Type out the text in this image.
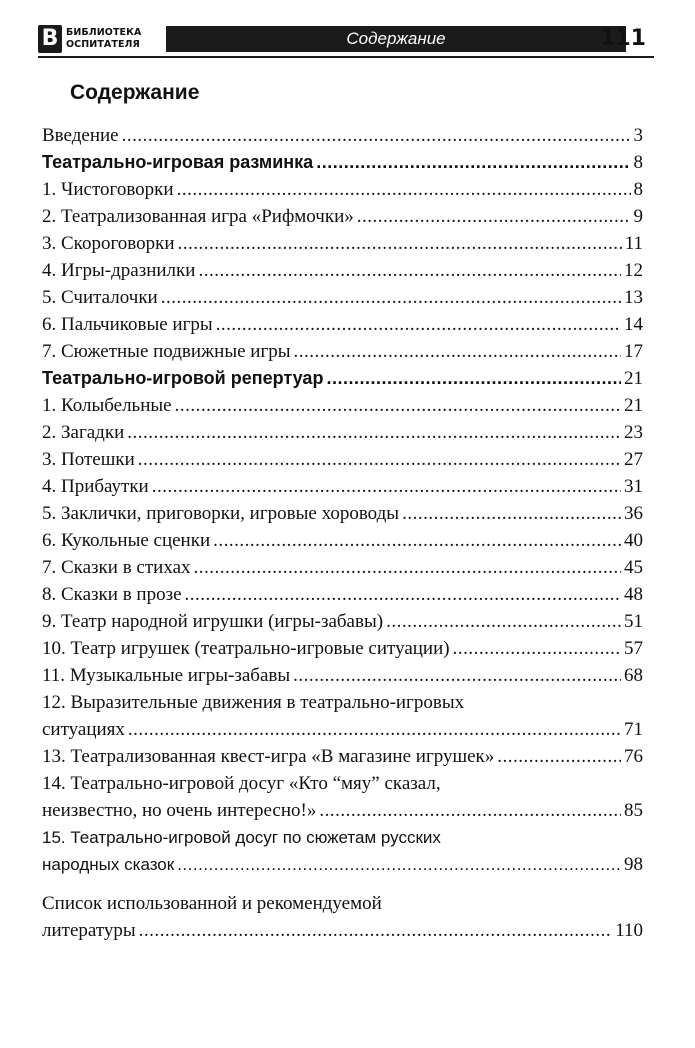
В БИБЛИОТЕКА
ОСПИТАТЕЛЯ	Содержание	111
Содержание
Введение .....	3
Театрально-игровая разминка .....	8
1. Чистоговорки .....	8
2. Театрализованная игра «Рифмочки» .....	9
3. Скороговорки .....	11
4. Игры-дразнилки .....	12
5. Считалочки .....	13
6. Пальчиковые игры .....	14
7. Сюжетные подвижные игры .....	17
Театрально-игровой репертуар .....	21
1. Колыбельные .....	21
2. Загадки .....	23
3. Потешки .....	27
4. Прибаутки .....	31
5. Заклички, приговорки, игровые хороводы .....	36
6. Кукольные сценки .....	40
7. Сказки в стихах .....	45
8. Сказки в прозе .....	48
9. Театр народной игрушки (игры-забавы) .....	51
10. Театр игрушек (театрально-игровые ситуации) .....	57
11. Музыкальные игры-забавы .....	68
12. Выразительные движения в театрально-игровых
ситуациях .....	71
13. Театрализованная квест-игра «В магазине игрушек» .....	76
14. Театрально-игровой досуг «Кто “мяу” сказал,
неизвестно, но очень интересно!» .....	85
15. Театрально-игровой досуг по сюжетам русских
народных сказок .....	98
Список использованной и рекомендуемой
литературы .....	110
